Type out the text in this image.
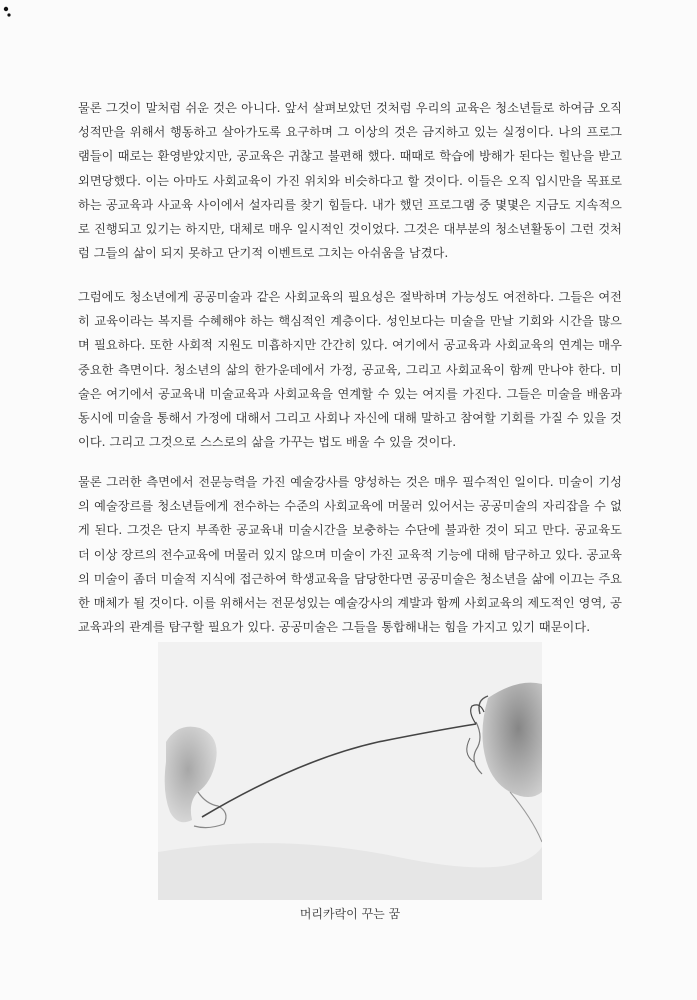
물론 그것이 말처럼 쉬운 것은 아니다. 앞서 살펴보았던 것처럼 우리의 교육은 청소년들로 하여금 오직 성적만을 위해서 행동하고 살아가도록 요구하며 그 이상의 것은 금지하고 있는 실정이다. 나의 프로그램들이 때로는 환영받았지만, 공교육은 귀찮고 불편해 했다. 때때로 학습에 방해가 된다는 힐난을 받고 외면당했다. 이는 아마도 사회교육이 가진 위치와 비슷하다고 할 것이다. 이들은 오직 입시만을 목표로 하는 공교육과 사교육 사이에서 설자리를 찾기 힘들다. 내가 했던 프로그램 중 몇몇은 지금도 지속적으로 진행되고 있기는 하지만, 대체로 매우 일시적인 것이었다. 그것은 대부분의 청소년활동이 그런 것처럼 그들의 삶이 되지 못하고 단기적 이벤트로 그치는 아쉬움을 남겼다.

그럼에도 청소년에게 공공미술과 같은 사회교육의 필요성은 절박하며 가능성도 여전하다. 그들은 여전히 교육이라는 복지를 수혜해야 하는 핵심적인 계층이다. 성인보다는 미술을 만날 기회와 시간을 많으며 필요하다. 또한 사회적 지원도 미흡하지만 간간히 있다. 여기에서 공교육과 사회교육의 연계는 매우 중요한 측면이다. 청소년의 삶의 한가운데에서 가정, 공교육, 그리고 사회교육이 함께 만나야 한다. 미술은 여기에서 공교육내 미술교육과 사회교육을 연계할 수 있는 여지를 가진다. 그들은 미술을 배움과 동시에 미술을 통해서 가정에 대해서 그리고 사회나 자신에 대해 말하고 참여할 기회를 가질 수 있을 것이다. 그리고 그것으로 스스로의 삶을 가꾸는 법도 배울 수 있을 것이다.

물론 그러한 측면에서 전문능력을 가진 예술강사를 양성하는 것은 매우 필수적인 일이다. 미술이 기성의 예술장르를 청소년들에게 전수하는 수준의 사회교육에 머물러 있어서는 공공미술의 자리잡을 수 없게 된다. 그것은 단지 부족한 공교육내 미술시간을 보충하는 수단에 불과한 것이 되고 만다. 공교육도 더 이상 장르의 전수교육에 머물러 있지 않으며 미술이 가진 교육적 기능에 대해 탐구하고 있다. 공교육의 미술이 좀더 미술적 지식에 접근하여 학생교육을 담당한다면 공공미술은 청소년을 삶에 이끄는 주요한 매체가 될 것이다. 이를 위해서는 전문성있는 예술강사의 계발과 함께 사회교육의 제도적인 영역, 공교육과의 관계를 탐구할 필요가 있다. 공공미술은 그들을 통합해내는 힘을 가지고 있기 때문이다.

머리카락이 꾸는 꿈
